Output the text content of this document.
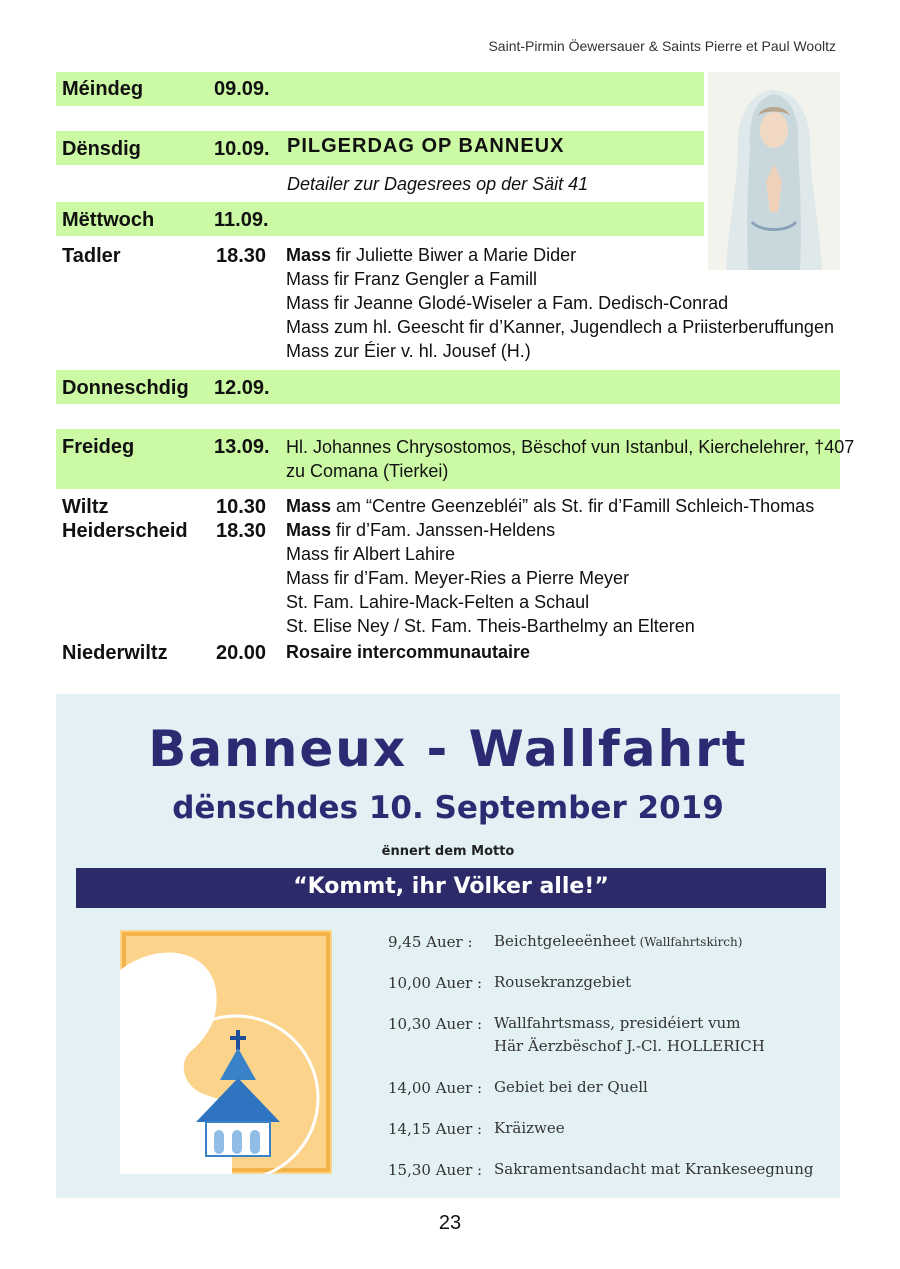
Saint-Pirmin Öewersauer & Saints Pierre et Paul Wooltz
Méindeg	09.09.
Dënsdig	10.09. PILGERDAG OP BANNEUX
Detailer zur Dagesrees op der Säit 41
Mëttwoch	11.09.
Tadler	18.30 Mass fir Juliette Biwer a Marie Dider
Mass fir Franz Gengler a Famill
Mass fir Jeanne Glodé-Wiseler a Fam. Dedisch-Conrad
Mass zum hl. Geescht fir d’Kanner, Jugendlech a Priisterberuffungen
Mass zur Éier v. hl. Jousef (H.)
Donneschdig 12.09.
Freideg	13.09. Hl. Johannes Chrysostomos, Bëschof vun Istanbul, Kierchelehrer, †407
zu Comana (Tierkei)
Wiltz	10.30 Mass am “Centre Geenzebléi” als St. fir d’Famill Schleich-Thomas
Heiderscheid 18.30 Mass fir d’Fam. Janssen-Heldens
Mass fir Albert Lahire
Mass fir d’Fam. Meyer-Ries a Pierre Meyer
St. Fam. Lahire-Mack-Felten a Schaul
St. Elise Ney / St. Fam. Theis-Barthelmy an Elteren
Niederwiltz 20.00 Rosaire intercommunautaire
Banneux - Wallfahrt
dënschdes 10. September 2019
ënnert dem Motto
“Kommt, ihr Völker alle!”
9,45 Auer : Beichtgeleeënheet (Wallfahrtskirch)
10,00 Auer : Rousekranzgebiet
10,30 Auer : Wallfahrtsmass, presidéiert vum
Här Äerzbëschof J.-Cl. HOLLERICH
14,00 Auer : Gebiet bei der Quell
14,15 Auer : Kräizwee
15,30 Auer : Sakramentsandacht mat Krankeseegnung
23
